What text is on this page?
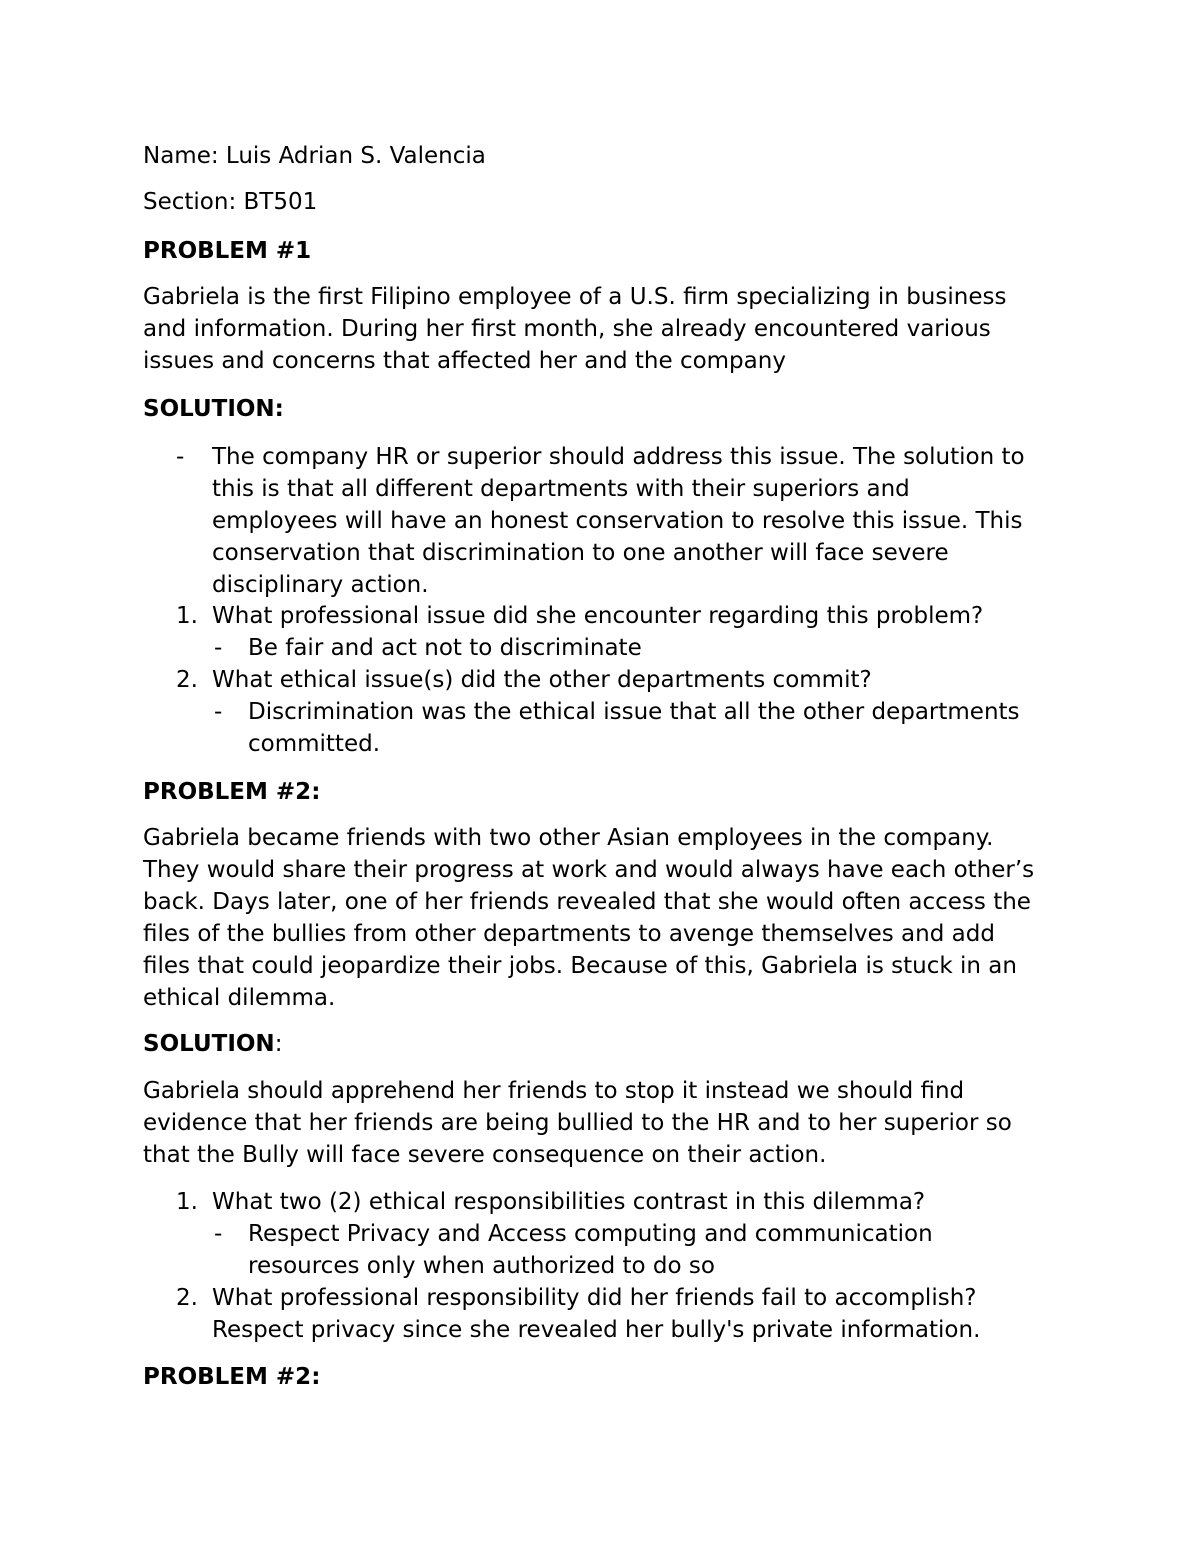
Name: Luis Adrian S. Valencia
Section: BT501
PROBLEM #1
Gabriela is the first Filipino employee of a U.S. firm specializing in business
and information. During her first month, she already encountered various
issues and concerns that affected her and the company
SOLUTION:
- The company HR or superior should address this issue. The solution to
this is that all different departments with their superiors and
employees will have an honest conservation to resolve this issue. This
conservation that discrimination to one another will face severe
disciplinary action.
1. What professional issue did she encounter regarding this problem?
- Be fair and act not to discriminate
2. What ethical issue(s) did the other departments commit?
- Discrimination was the ethical issue that all the other departments
committed.
PROBLEM #2:
Gabriela became friends with two other Asian employees in the company.
They would share their progress at work and would always have each other’s
back. Days later, one of her friends revealed that she would often access the
files of the bullies from other departments to avenge themselves and add
files that could jeopardize their jobs. Because of this, Gabriela is stuck in an
ethical dilemma.
SOLUTION:
Gabriela should apprehend her friends to stop it instead we should find
evidence that her friends are being bullied to the HR and to her superior so
that the Bully will face severe consequence on their action.
1. What two (2) ethical responsibilities contrast in this dilemma?
- Respect Privacy and Access computing and communication
resources only when authorized to do so
2. What professional responsibility did her friends fail to accomplish?
Respect privacy since she revealed her bully's private information.
PROBLEM #2:
